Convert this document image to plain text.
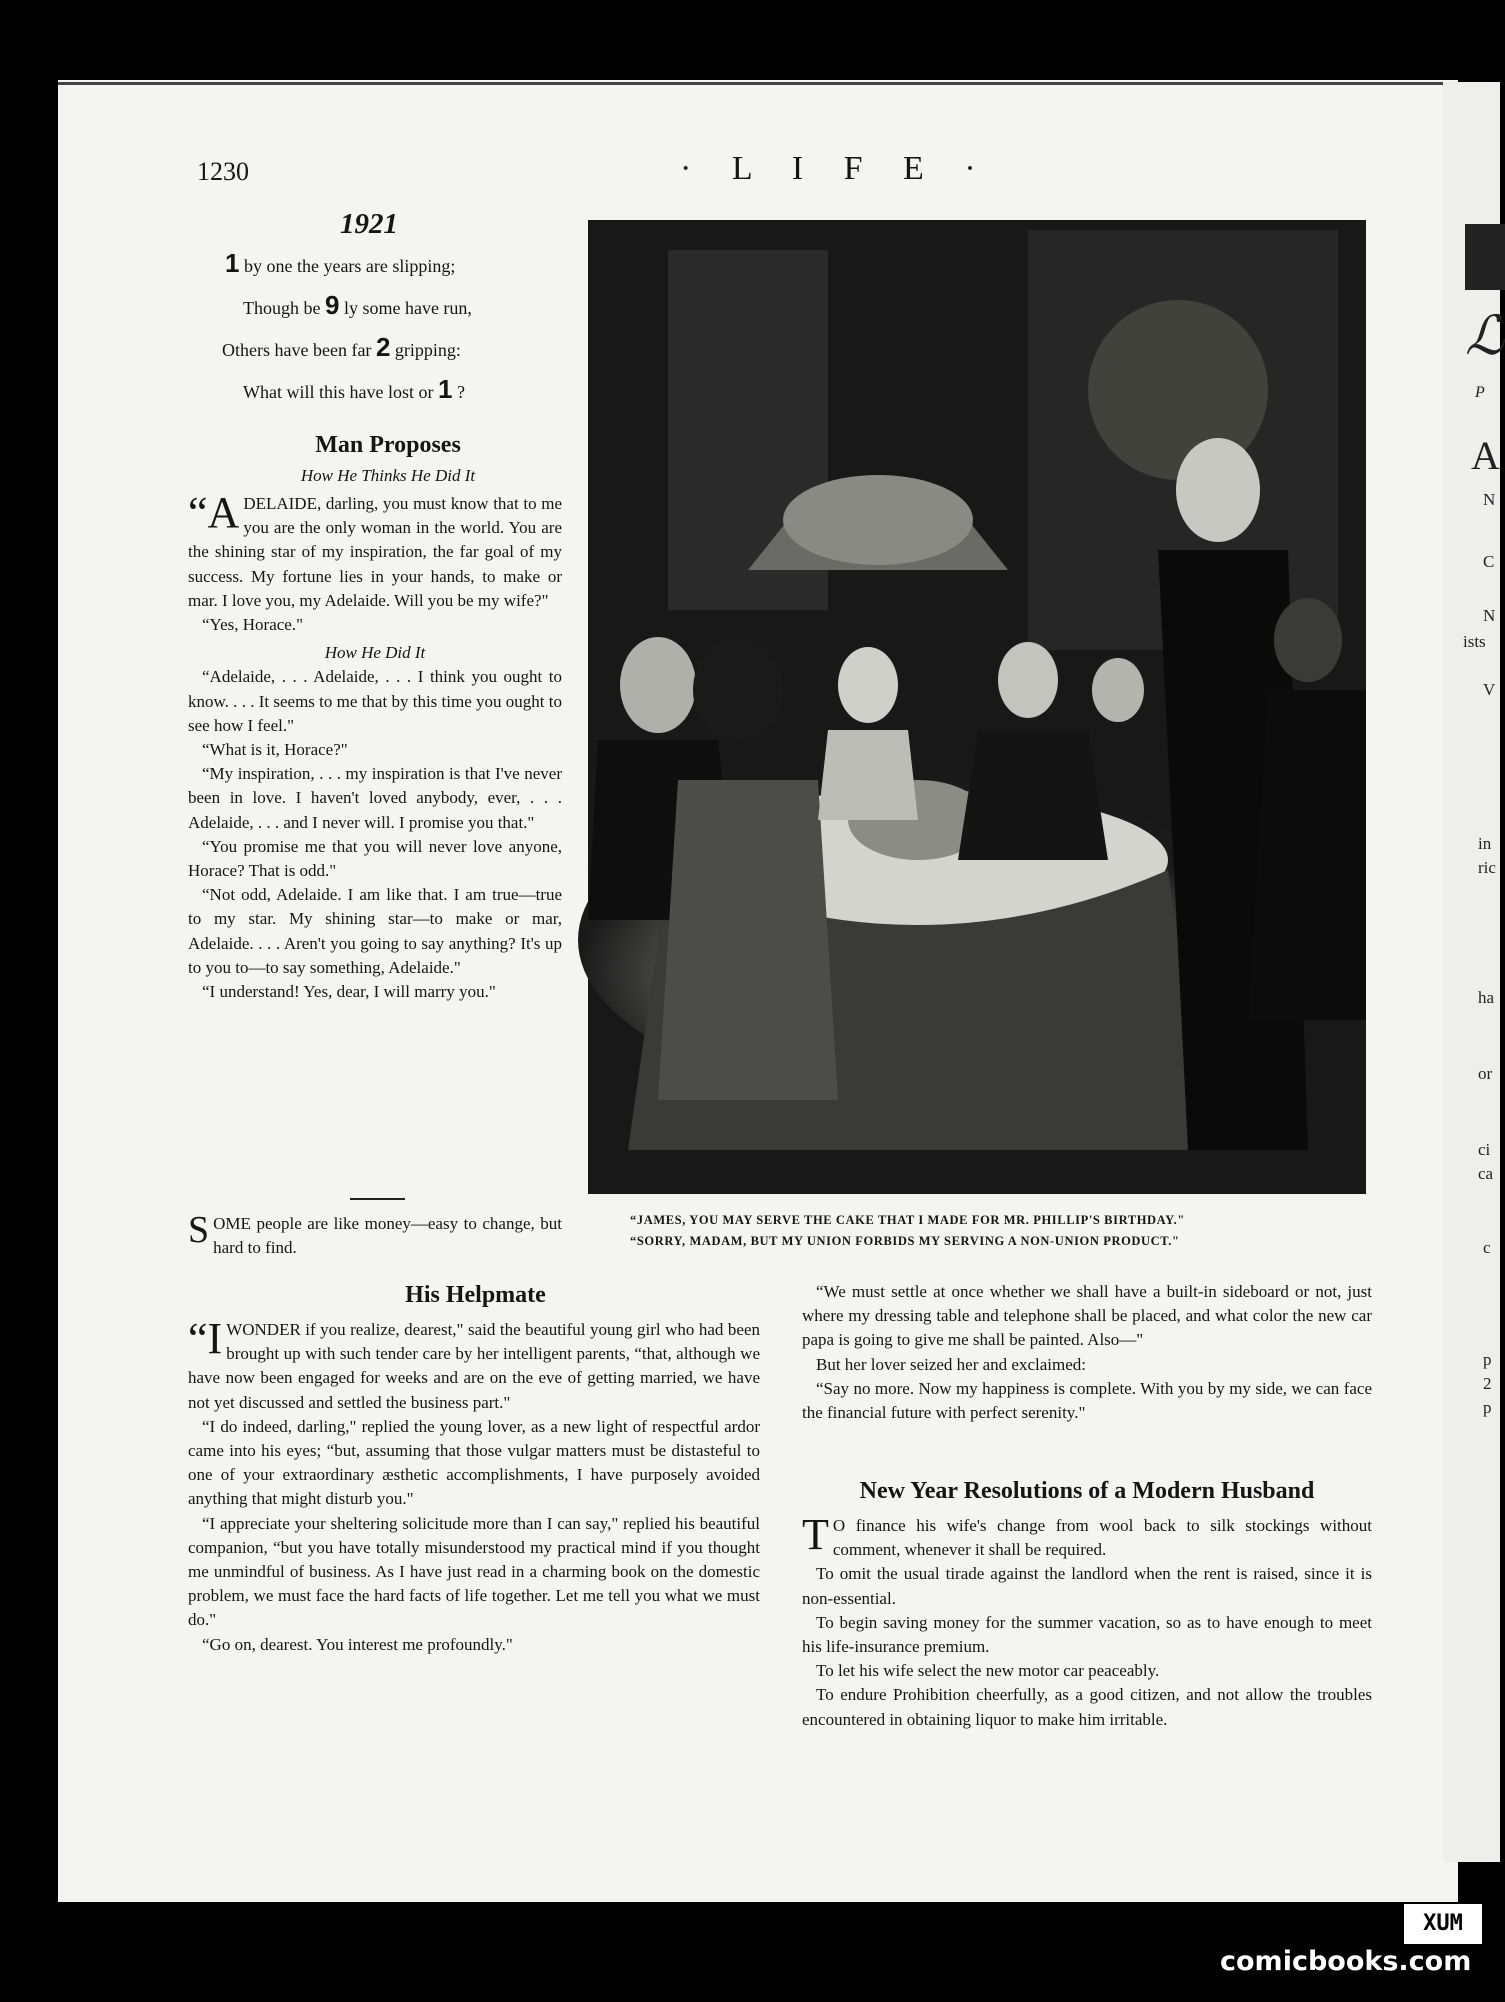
ℒ
P
A
N
C
N
ists
V
in
ric
ha
or
ci
ca
c
p
2
p
1230	· L I F E ·
1921
1 by one the years are slipping;
Though be 9 ly some have run,
Others have been far 2 gripping:
What will this have lost or 1 ?
Man Proposes
How He Thinks He Did It

“A DELAIDE, darling, you must know that to me you are the only woman in the world. You are the shining star of my inspiration, the far goal of my success. My fortune lies in your hands, to make or mar. I love you, my Adelaide. Will you be my wife?"

“Yes, Horace."

How He Did It

“Adelaide, . . . Adelaide, . . . I think you ought to know. . . . It seems to me that by this time you ought to see how I feel."

“What is it, Horace?"

“My inspiration, . . . my inspiration is that I've never been in love. I haven't loved anybody, ever, . . . Adelaide, . . . and I never will. I promise you that."

“You promise me that you will never love anyone, Horace? That is odd."

“Not odd, Adelaide. I am like that. I am true—true to my star. My shining star—to make or mar, Adelaide. . . . Aren't you going to say anything? It's up to you to—to say something, Adelaide."

“I understand! Yes, dear, I will marry you."

SOME people are like money—easy to change, but hard to find.

“JAMES, YOU MAY SERVE THE CAKE THAT I MADE FOR MR. PHILLIP'S BIRTHDAY."
“SORRY, MADAM, BUT MY UNION FORBIDS MY SERVING A NON-UNION PRODUCT."
His Helpmate

“I WONDER if you realize, dearest," said the beautiful young girl who had been brought up with such tender care by her intelligent parents, “that, although we have now been engaged for weeks and are on the eve of getting married, we have not yet discussed and settled the business part."

“I do indeed, darling," replied the young lover, as a new light of respectful ardor came into his eyes; “but, assuming that those vulgar matters must be distasteful to one of your extraordinary æsthetic accomplishments, I have purposely avoided anything that might disturb you."

“I appreciate your sheltering solicitude more than I can say," replied his beautiful companion, “but you have totally misunderstood my practical mind if you thought me unmindful of business. As I have just read in a charming book on the domestic problem, we must face the hard facts of life together. Let me tell you what we must do."

“Go on, dearest. You interest me profoundly."

“We must settle at once whether we shall have a built-in sideboard or not, just where my dressing table and telephone shall be placed, and what color the new car papa is going to give me shall be painted. Also—"

But her lover seized her and exclaimed:

“Say no more. Now my happiness is complete. With you by my side, we can face the financial future with perfect serenity."

New Year Resolutions of a Modern Husband

T O finance his wife's change from wool back to silk stockings without comment, whenever it shall be required.

To omit the usual tirade against the landlord when the rent is raised, since it is non-essential.

To begin saving money for the summer vacation, so as to have enough to meet his life-insurance premium.

To let his wife select the new motor car peaceably.

To endure Prohibition cheerfully, as a good citizen, and not allow the troubles encountered in obtaining liquor to make him irritable.

XUM
comicbooks.com
